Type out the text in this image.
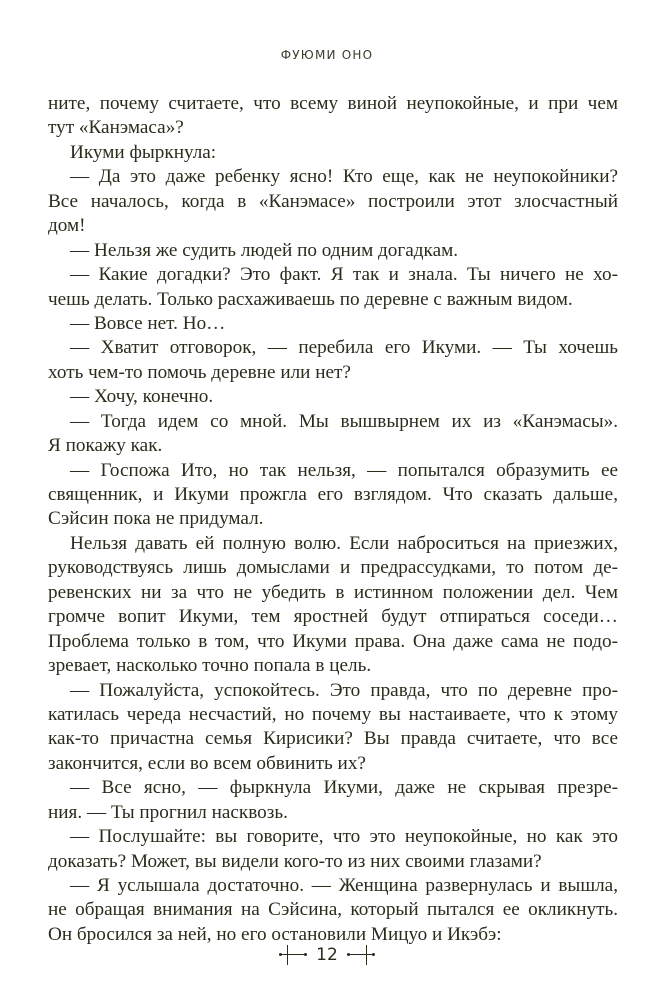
ФУЮМИ ОНО
ните, почему считаете, что всему виной неупокойные, и при чем
тут «Канэмаса»?
Икуми фыркнула:
— Да это даже ребенку ясно! Кто еще, как не неупокойники?
Все началось, когда в «Канэмасе» построили этот злосчастный
дом!
— Нельзя же судить людей по одним догадкам.
— Какие догадки? Это факт. Я так и знала. Ты ничего не хо-
чешь делать. Только расхаживаешь по деревне с важным видом.
— Вовсе нет. Но…
— Хватит отговорок, — перебила его Икуми. — Ты хочешь
хоть чем-то помочь деревне или нет?
— Хочу, конечно.
— Тогда идем со мной. Мы вышвырнем их из «Канэмасы».
Я покажу как.
— Госпожа Ито, но так нельзя, — попытался образумить ее
священник, и Икуми прожгла его взглядом. Что сказать дальше,
Сэйсин пока не придумал.
Нельзя давать ей полную волю. Если наброситься на приезжих,
руководствуясь лишь домыслами и предрассудками, то потом де-
ревенских ни за что не убедить в истинном положении дел. Чем
громче вопит Икуми, тем яростней будут отпираться соседи…
Проблема только в том, что Икуми права. Она даже сама не подо-
зревает, насколько точно попала в цель.
— Пожалуйста, успокойтесь. Это правда, что по деревне про-
катилась череда несчастий, но почему вы настаиваете, что к этому
как-то причастна семья Кирисики? Вы правда считаете, что все
закончится, если во всем обвинить их?
— Все ясно, — фыркнула Икуми, даже не скрывая презре-
ния. — Ты прогнил насквозь.
— Послушайте: вы говорите, что это неупокойные, но как это
доказать? Может, вы видели кого-то из них своими глазами?
— Я услышала достаточно. — Женщина развернулась и вышла,
не обращая внимания на Сэйсина, который пытался ее окликнуть.
Он бросился за ней, но его остановили Мицуо и Икэбэ:
12
